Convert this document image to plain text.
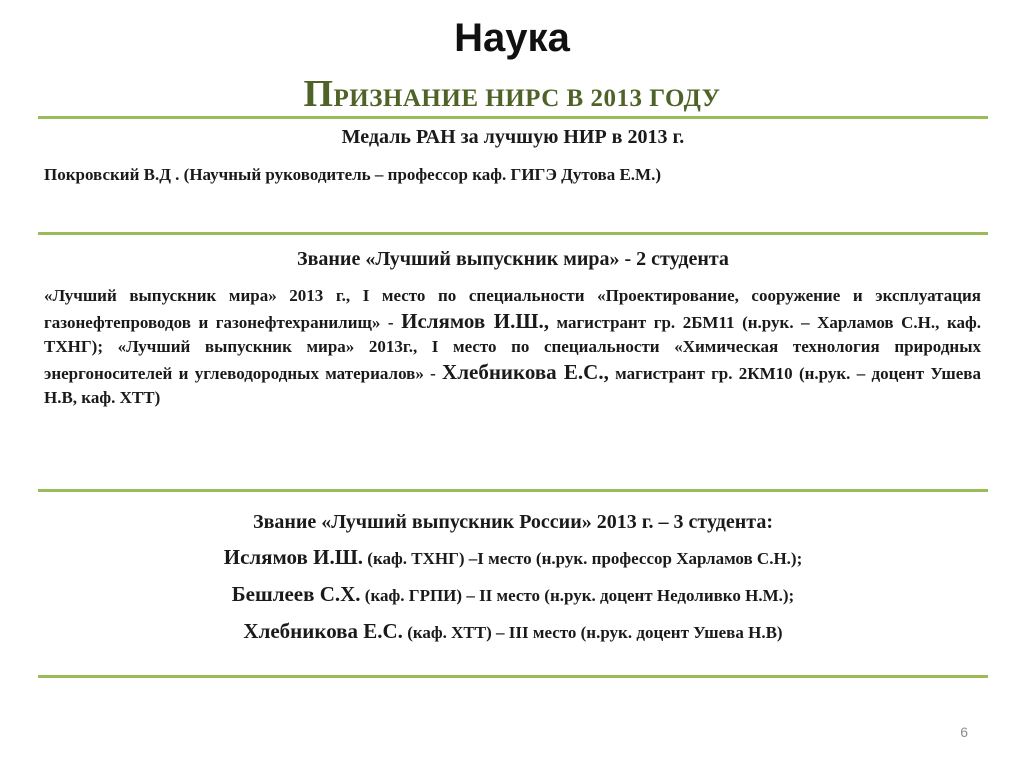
Наука
ПРИЗНАНИЕ НИРС В 2013 ГОДУ
Медаль РАН за лучшую НИР в 2013 г.
Покровский В.Д . (Научный руководитель – профессор каф. ГИГЭ Дутова Е.М.)
Звание «Лучший выпускник мира» - 2 студента
«Лучший выпускник мира» 2013 г., I место по специальности «Проектирование, сооружение и эксплуатация газонефтепроводов и газонефтехранилищ» - Ислямов И.Ш., магистрант гр. 2БМ11 (н.рук. – Харламов С.Н., каф. ТХНГ); «Лучший выпускник мира» 2013г., I место по специальности «Химическая технология природных энергоносителей и углеводородных материалов» - Хлебникова Е.С., магистрант гр. 2КМ10 (н.рук. – доцент Ушева Н.В, каф. ХТТ)
Звание «Лучший выпускник России» 2013 г. – 3 студента:
Ислямов И.Ш. (каф. ТХНГ) –I место (н.рук. профессор Харламов С.Н.);
Бешлеев С.Х. (каф. ГРПИ) – II место (н.рук. доцент Недоливко Н.М.);
Хлебникова Е.С. (каф. ХТТ) – III место (н.рук. доцент Ушева Н.В)
6
